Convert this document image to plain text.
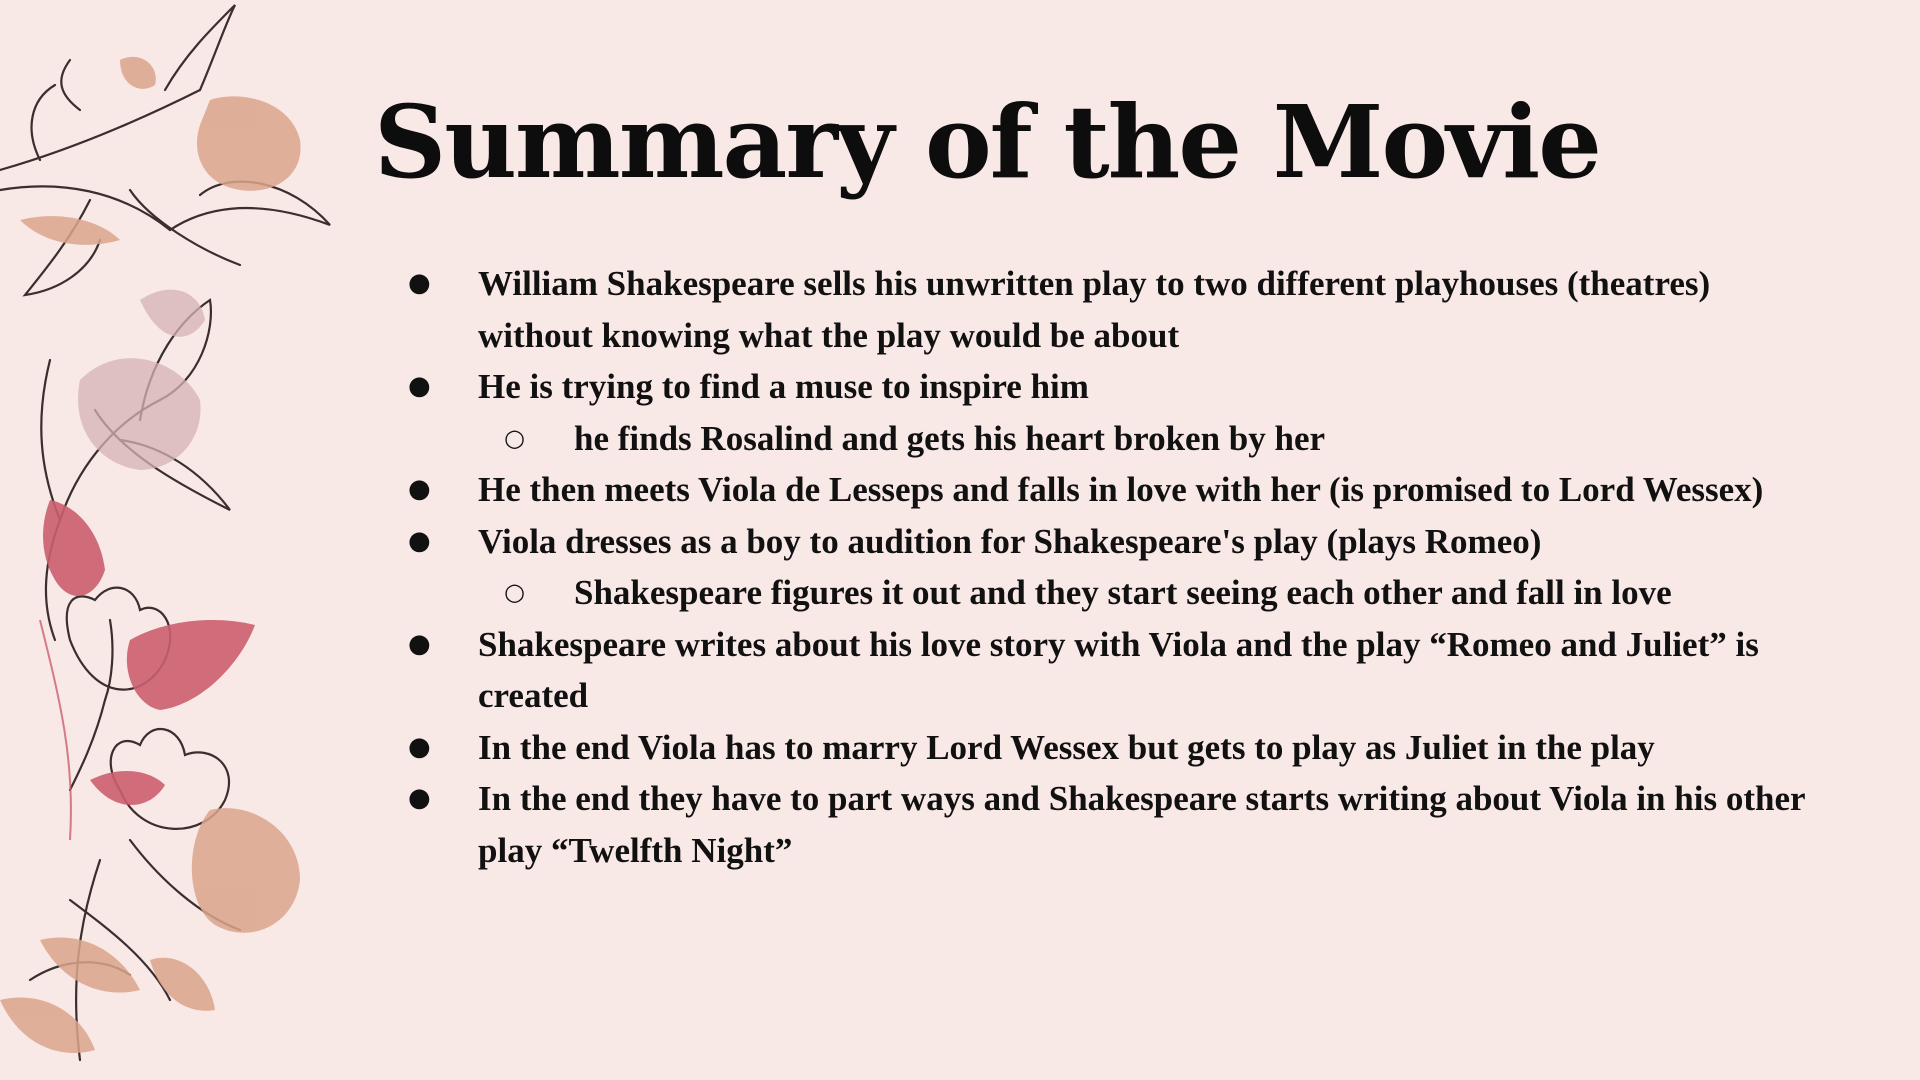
Summary of the Movie
● William Shakespeare sells his unwritten play to two different playhouses (theatres) without knowing what the play would be about
● He is trying to find a muse to inspire him
○ he finds Rosalind and gets his heart broken by her
● He then meets Viola de Lesseps and falls in love with her (is promised to Lord Wessex)
● Viola dresses as a boy to audition for Shakespeare's play (plays Romeo)
○ Shakespeare figures it out and they start seeing each other and fall in love
● Shakespeare writes about his love story with Viola and the play “Romeo and Juliet” is created
● In the end Viola has to marry Lord Wessex but gets to play as Juliet in the play
● In the end they have to part ways and Shakespeare starts writing about Viola in his other play “Twelfth Night”
